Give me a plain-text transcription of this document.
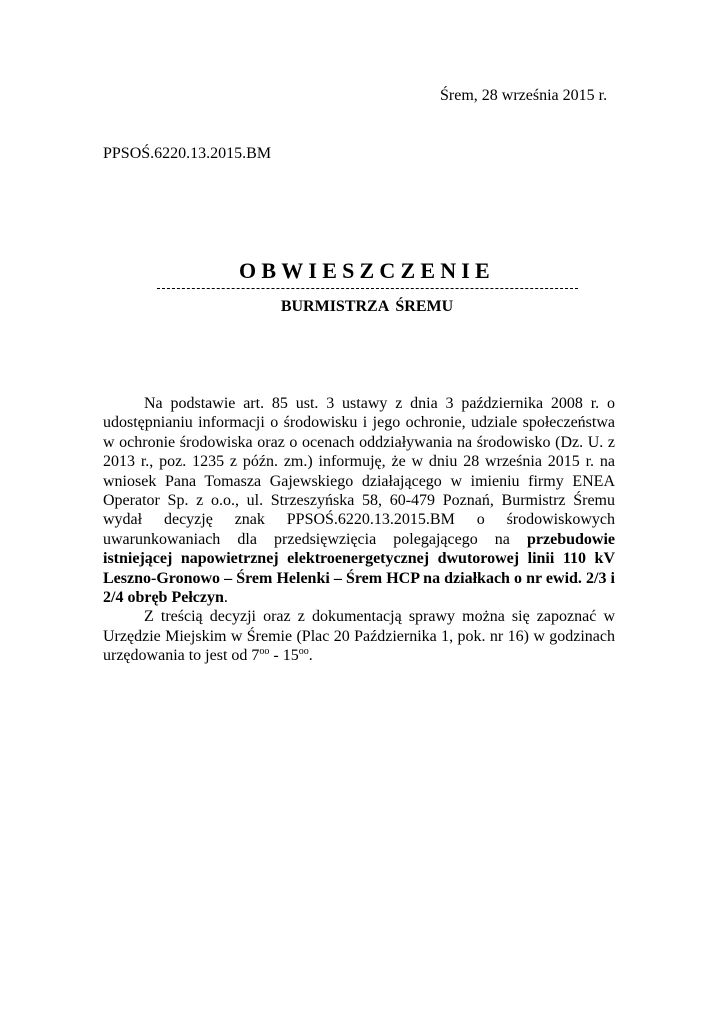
Śrem, 28 września 2015 r.
PPSOŚ.6220.13.2015.BM
OBWIESZCZENIE
BURMISTRZA ŚREMU

Na podstawie art. 85 ust. 3 ustawy z dnia 3 października 2008 r. o udostępnianiu informacji o środowisku i jego ochronie, udziale społeczeństwa w ochronie środowiska oraz o ocenach oddziaływania na środowisko (Dz. U. z 2013 r., poz. 1235 z późn. zm.) informuję, że w dniu 28 września 2015 r. na wniosek Pana Tomasza Gajewskiego działającego w imieniu firmy ENEA Operator Sp. z o.o., ul. Strzeszyńska 58, 60-479 Poznań, Burmistrz Śremu wydał decyzję znak PPSOŚ.6220.13.2015.BM o środowiskowych uwarunkowaniach dla przedsięwzięcia polegającego na przebudowie istniejącej napowietrznej elektroenergetycznej dwutorowej linii 110 kV Leszno-Gronowo – Śrem Helenki – Śrem HCP na działkach o nr ewid. 2/3 i 2/4 obręb Pełczyn.

Z treścią decyzji oraz z dokumentacją sprawy można się zapoznać w Urzędzie Miejskim w Śremie (Plac 20 Października 1, pok. nr 16) w godzinach urzędowania to jest od $7^{oo} - 15^{oo}$.
